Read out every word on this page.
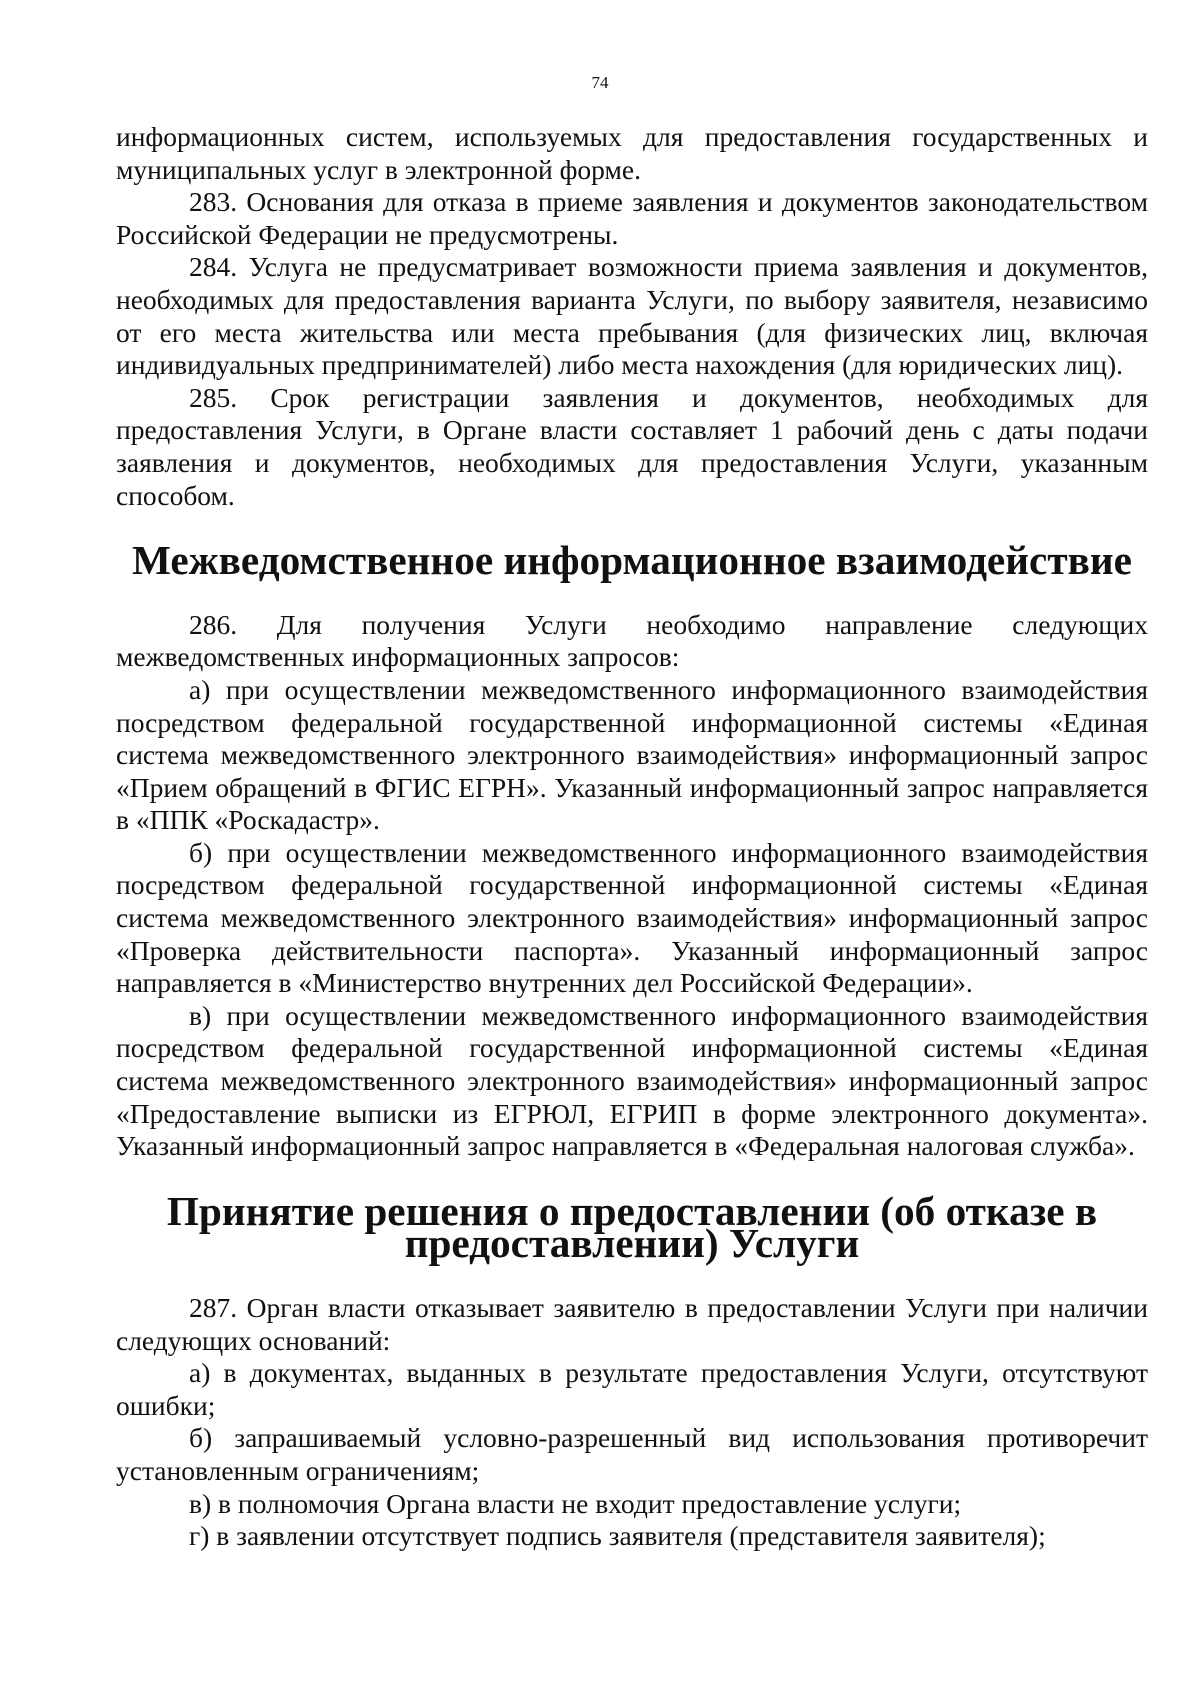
74

информационных систем, используемых для предоставления государственных и муниципальных услуг в электронной форме.

283. Основания для отказа в приеме заявления и документов законодательством Российской Федерации не предусмотрены.

284. Услуга не предусматривает возможности приема заявления и документов, необходимых для предоставления варианта Услуги, по выбору заявителя, независимо от его места жительства или места пребывания (для физических лиц, включая индивидуальных предпринимателей) либо места нахождения (для юридических лиц).

285. Срок регистрации заявления и документов, необходимых для предоставления Услуги, в Органе власти составляет 1 рабочий день с даты подачи заявления и документов, необходимых для предоставления Услуги, указанным способом.

Межведомственное информационное взаимодействие

286. Для получения Услуги необходимо направление следующих межведомственных информационных запросов:

а) при осуществлении межведомственного информационного взаимодействия посредством федеральной государственной информационной системы «Единая система межведомственного электронного взаимодействия» информационный запрос «Прием обращений в ФГИС ЕГРН». Указанный информационный запрос направляется в «ППК «Роскадастр».

б) при осуществлении межведомственного информационного взаимодействия посредством федеральной государственной информационной системы «Единая система межведомственного электронного взаимодействия» информационный запрос «Проверка действительности паспорта». Указанный информационный запрос направляется в «Министерство внутренних дел Российской Федерации».

в) при осуществлении межведомственного информационного взаимодействия посредством федеральной государственной информационной системы «Единая система межведомственного электронного взаимодействия» информационный запрос «Предоставление выписки из ЕГРЮЛ, ЕГРИП в форме электронного документа». Указанный информационный запрос направляется в «Федеральная налоговая служба».

Принятие решения о предоставлении (об отказе в предоставлении) Услуги

287. Орган власти отказывает заявителю в предоставлении Услуги при наличии следующих оснований:

а) в документах, выданных в результате предоставления Услуги, отсутствуют ошибки;

б) запрашиваемый условно-разрешенный вид использования противоречит установленным ограничениям;

в) в полномочия Органа власти не входит предоставление услуги;

г) в заявлении отсутствует подпись заявителя (представителя заявителя);
